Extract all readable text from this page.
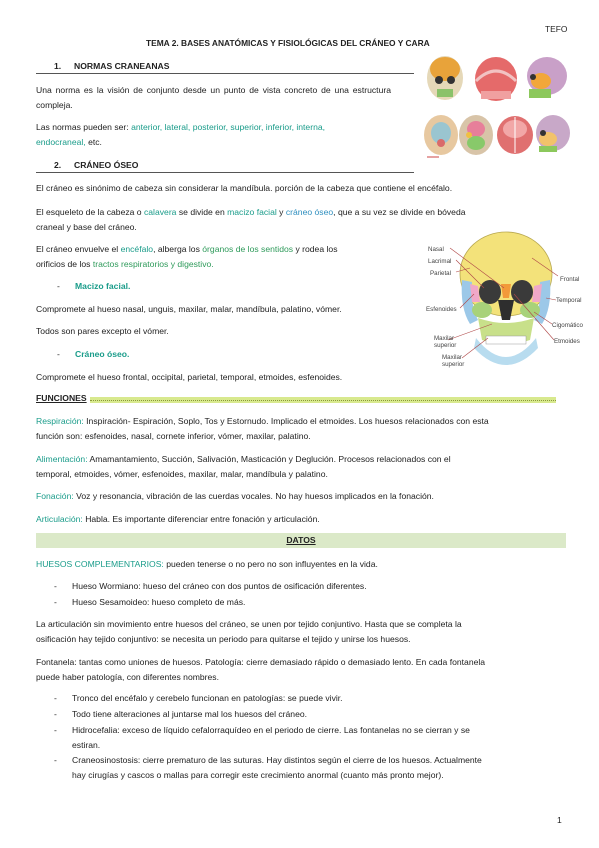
TEFO
TEMA 2. BASES ANATÓMICAS Y FISIOLÓGICAS DEL CRÁNEO Y CARA
1. NORMAS CRANEANAS
Una norma es la visión de conjunto desde un punto de vista concreto de una estructura compleja.
Las normas pueden ser: anterior, lateral, posterior, superior, inferior, interna,
endocraneal, etc.
2. CRÁNEO ÓSEO
El cráneo es sinónimo de cabeza sin considerar la mandíbula. porción de la cabeza que contiene el encéfalo.
El esqueleto de la cabeza o calavera se divide en macizo facial y cráneo óseo, que a su vez se divide en bóveda
craneal y base del cráneo.
El cráneo envuelve el encéfalo, alberga los órganos de los sentidos y rodea los
orificios de los tractos respiratorios y digestivo.
- Macizo facial.
Compromete al hueso nasal, unguis, maxilar, malar, mandíbula, palatino, vómer.
Todos son pares excepto el vómer.
- Cráneo óseo.
Compromete el hueso frontal, occipital, parietal, temporal, etmoides, esfenoides.
Nasal
Lacrimal
Parietal
Esfenoides
Maxilar superior
Maxilar superior
Frontal
Temporal
Cigomático
Etmoides
FUNCIONES
Respiración: Inspiración- Espiración, Soplo, Tos y Estornudo. Implicado el etmoides. Los huesos relacionados con esta
función son: esfenoides, nasal, cornete inferior, vómer, maxilar, palatino.
Alimentación: Amamantamiento, Succión, Salivación, Masticación y Deglución. Procesos relacionados con el
temporal, etmoides, vómer, esfenoides, maxilar, malar, mandíbula y palatino.
Fonación: Voz y resonancia, vibración de las cuerdas vocales. No hay huesos implicados en la fonación.
Articulación: Habla. Es importante diferenciar entre fonación y articulación.
DATOS
HUESOS COMPLEMENTARIOS: pueden tenerse o no pero no son influyentes en la vida.
- Hueso Wormiano: hueso del cráneo con dos puntos de osificación diferentes.
- Hueso Sesamoideo: hueso completo de más.
La articulación sin movimiento entre huesos del cráneo, se unen por tejido conjuntivo. Hasta que se completa la
osificación hay tejido conjuntivo: se necesita un periodo para quitarse el tejido y unirse los huesos.
Fontanela: tantas como uniones de huesos. Patología: cierre demasiado rápido o demasiado lento. En cada fontanela
puede haber patología, con diferentes nombres.
- Tronco del encéfalo y cerebelo funcionan en patologías: se puede vivir.
- Todo tiene alteraciones al juntarse mal los huesos del cráneo.
- Hidrocefalia: exceso de líquido cefalorraquídeo en el periodo de cierre. Las fontanelas no se cierran y se
estiran.
- Craneosinostosis: cierre prematuro de las suturas. Hay distintos según el cierre de los huesos. Actualmente
hay cirugías y cascos o mallas para corregir este crecimiento anormal (cuanto más pronto mejor).
1
